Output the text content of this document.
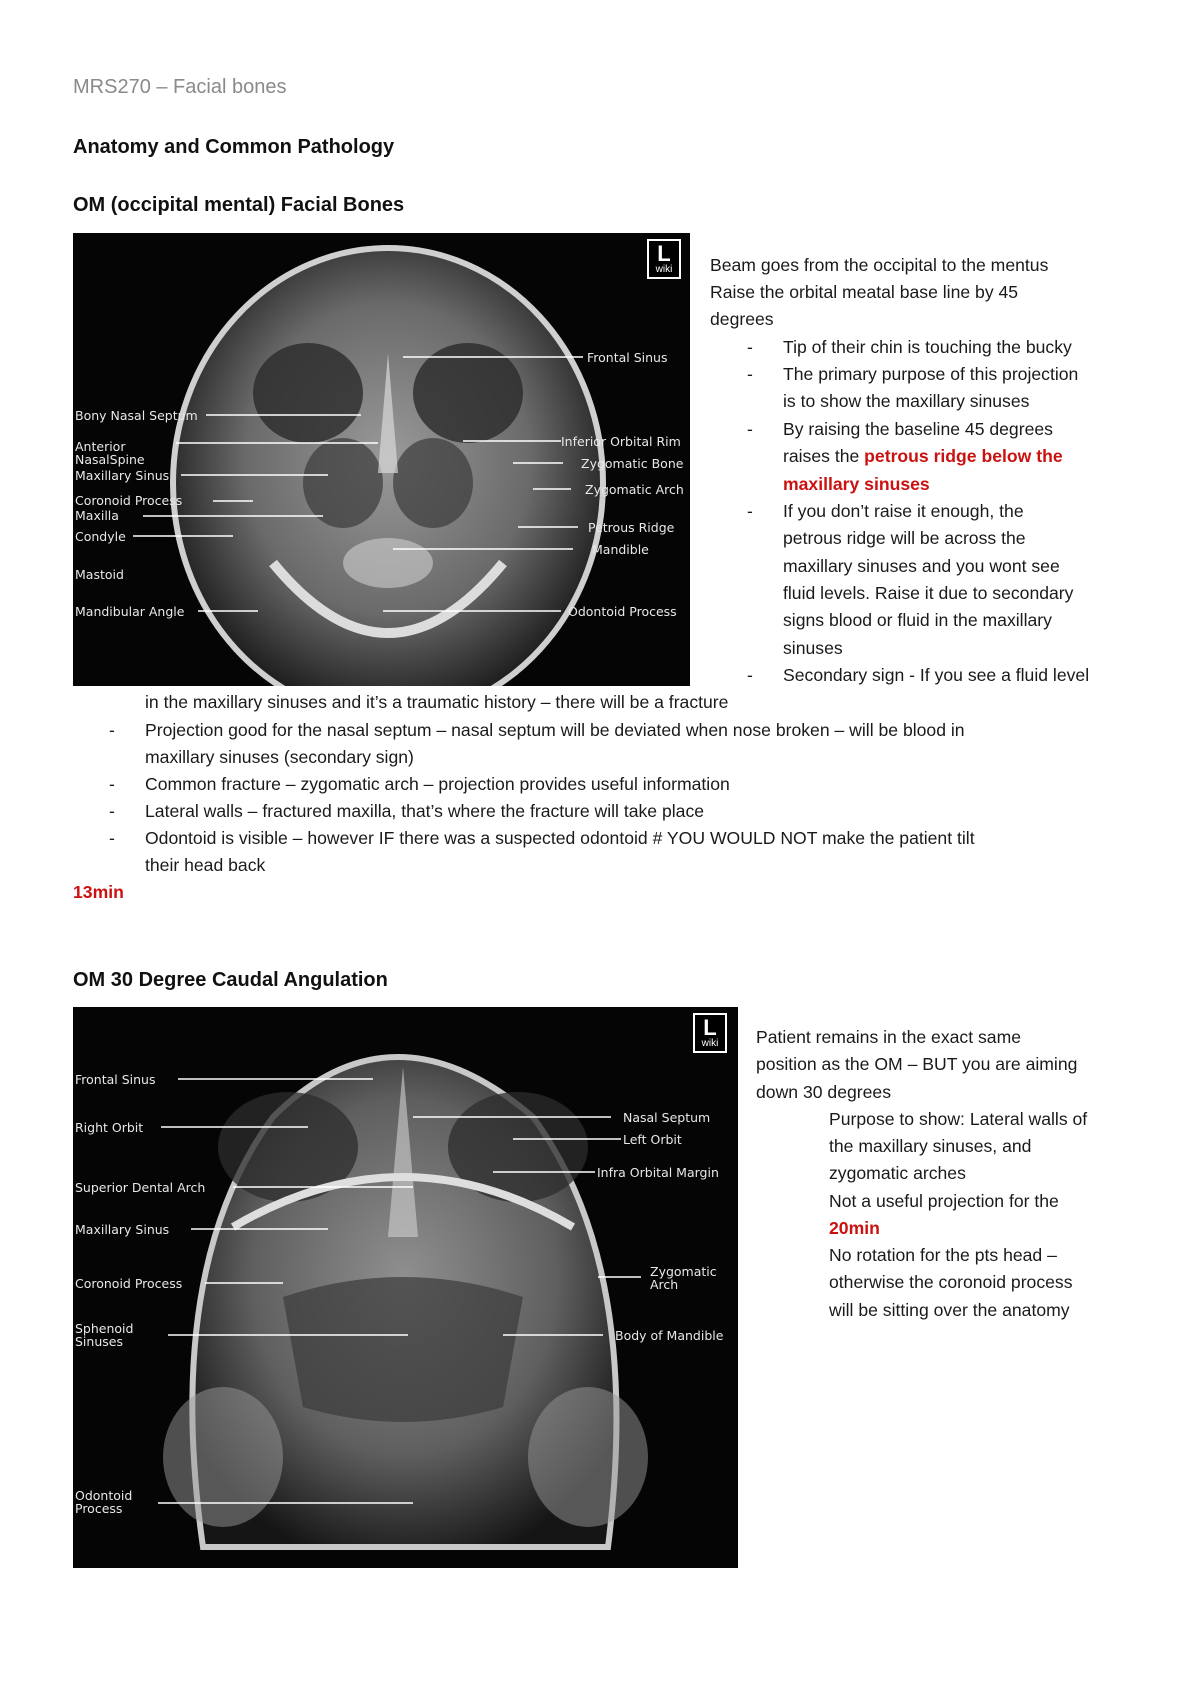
MRS270 – Facial bones
Anatomy and Common Pathology
OM (occipital mental) Facial Bones
L
wiki
Bony Nasal Septum
Anterior
NasalSpine
Maxillary Sinus
Coronoid Process
Maxilla
Condyle
Mastoid
Mandibular Angle
Frontal Sinus
Inferior Orbital Rim
Zygomatic Bone
Zygomatic Arch
Petrous Ridge
Mandible
Odontoid Process
Beam goes from the occipital to the mentus
Raise the orbital meatal base line by 45
degrees
- Tip of their chin is touching the bucky
- The primary purpose of this projection
is to show the maxillary sinuses
- By raising the baseline 45 degrees
raises the petrous ridge below the
maxillary sinuses
- If you don’t raise it enough, the
petrous ridge will be across the
maxillary sinuses and you wont see
fluid levels. Raise it due to secondary
signs blood or fluid in the maxillary
sinuses
- Secondary sign - If you see a fluid level
in the maxillary sinuses and it’s a traumatic history – there will be a fracture
- Projection good for the nasal septum – nasal septum will be deviated when nose broken – will be blood in
maxillary sinuses (secondary sign)
- Common fracture – zygomatic arch – projection provides useful information
- Lateral walls – fractured maxilla, that’s where the fracture will take place
- Odontoid is visible – however IF there was a suspected odontoid # YOU WOULD NOT make the patient tilt
their head back
13min
OM 30 Degree Caudal Angulation
L
wiki
Frontal Sinus
Right Orbit
Superior Dental Arch
Maxillary Sinus
Coronoid Process
Sphenoid
Sinuses
Odontoid
Process
Nasal Septum
Left Orbit
Infra Orbital Margin
Zygomatic
Arch
Body of Mandible
Patient remains in the exact same
position as the OM – BUT you are aiming
down 30 degrees
Purpose to show: Lateral walls of
the maxillary sinuses, and
zygomatic arches
Not a useful projection for the
20min
No rotation for the pts head –
otherwise the coronoid process
will be sitting over the anatomy
